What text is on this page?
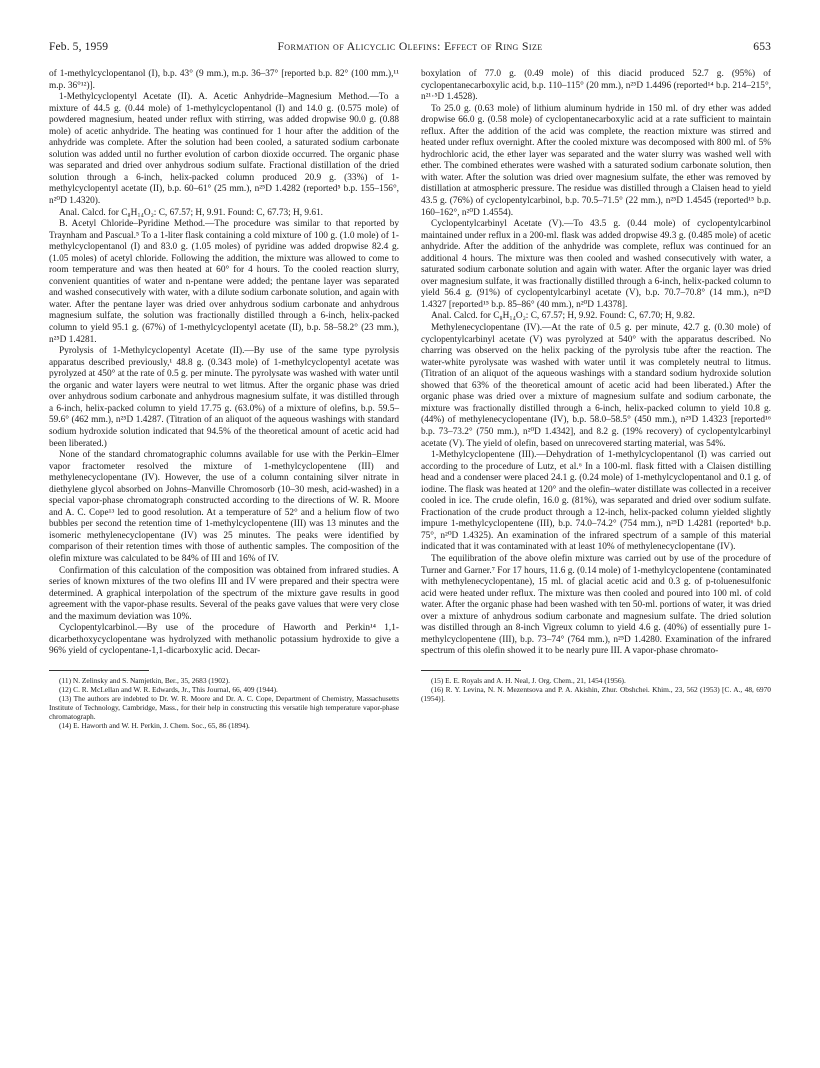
Feb. 5, 1959	Formation of Alicyclic Olefins: Effect of Ring Size	653

of 1-methylcyclopentanol (I), b.p. 43° (9 mm.), m.p. 36–37° [reported b.p. 82° (100 mm.),¹¹ m.p. 36°¹²)].

1-Methylcyclopentyl Acetate (II). A. Acetic Anhydride–Magnesium Method.—To a mixture of 44.5 g. (0.44 mole) of 1-methylcyclopentanol (I) and 14.0 g. (0.575 mole) of powdered magnesium, heated under reflux with stirring, was added dropwise 90.0 g. (0.88 mole) of acetic anhydride. The heating was continued for 1 hour after the addition of the anhydride was complete. After the solution had been cooled, a saturated sodium carbonate solution was added until no further evolution of carbon dioxide occurred. The organic phase was separated and dried over anhydrous sodium sulfate. Fractional distillation of the dried solution through a 6-inch, helix-packed column produced 20.9 g. (33%) of 1-methylcyclopentyl acetate (II), b.p. 60–61° (25 mm.), n²⁵D 1.4282 (reported⁵ b.p. 155–156°, n²⁰D 1.4320).

Anal. Calcd. for C₈H₁₄O₂: C, 67.57; H, 9.91. Found: C, 67.73; H, 9.61.

B. Acetyl Chloride–Pyridine Method.—The procedure was similar to that reported by Traynham and Pascual.⁵ To a 1-liter flask containing a cold mixture of 100 g. (1.0 mole) of 1-methylcyclopentanol (I) and 83.0 g. (1.05 moles) of pyridine was added dropwise 82.4 g. (1.05 moles) of acetyl chloride. Following the addition, the mixture was allowed to come to room temperature and was then heated at 60° for 4 hours. To the cooled reaction slurry, convenient quantities of water and n-pentane were added; the pentane layer was separated and washed consecutively with water, with a dilute sodium carbonate solution, and again with water. After the pentane layer was dried over anhydrous sodium carbonate and anhydrous magnesium sulfate, the solution was fractionally distilled through a 6-inch, helix-packed column to yield 95.1 g. (67%) of 1-methylcyclopentyl acetate (II), b.p. 58–58.2° (23 mm.), n²⁵D 1.4281.

Pyrolysis of 1-Methylcyclopentyl Acetate (II).—By use of the same type pyrolysis apparatus described previously,¹ 48.8 g. (0.343 mole) of 1-methylcyclopentyl acetate was pyrolyzed at 450° at the rate of 0.5 g. per minute. The pyrolysate was washed with water until the organic and water layers were neutral to wet litmus. After the organic phase was dried over anhydrous sodium carbonate and anhydrous magnesium sulfate, it was distilled through a 6-inch, helix-packed column to yield 17.75 g. (63.0%) of a mixture of olefins, b.p. 59.5–59.6° (462 mm.), n²⁵D 1.4287. (Titration of an aliquot of the aqueous washings with standard sodium hydroxide solution indicated that 94.5% of the theoretical amount of acetic acid had been liberated.)

None of the standard chromatographic columns available for use with the Perkin–Elmer vapor fractometer resolved the mixture of 1-methylcyclopentene (III) and methylenecyclopentane (IV). However, the use of a column containing silver nitrate in diethylene glycol absorbed on Johns–Manville Chromosorb (10–30 mesh, acid-washed) in a special vapor-phase chromatograph constructed according to the directions of W. R. Moore and A. C. Cope¹³ led to good resolution. At a temperature of 52° and a helium flow of two bubbles per second the retention time of 1-methylcyclopentene (III) was 13 minutes and the isomeric methylenecyclopentane (IV) was 25 minutes. The peaks were identified by comparison of their retention times with those of authentic samples. The composition of the olefin mixture was calculated to be 84% of III and 16% of IV.

Confirmation of this calculation of the composition was obtained from infrared studies. A series of known mixtures of the two olefins III and IV were prepared and their spectra were determined. A graphical interpolation of the spectrum of the mixture gave results in good agreement with the vapor-phase results. Several of the peaks gave values that were very close and the maximum deviation was 10%.

Cyclopentylcarbinol.—By use of the procedure of Haworth and Perkin¹⁴ 1,1-dicarbethoxycyclopentane was hydrolyzed with methanolic potassium hydroxide to give a 96% yield of cyclopentane-1,1-dicarboxylic acid. Decar-

(11) N. Zelinsky and S. Namjetkin, Ber., 35, 2683 (1902).

(12) C. R. McLellan and W. R. Edwards, Jr., This Journal, 66, 409 (1944).

(13) The authors are indebted to Dr. W. R. Moore and Dr. A. C. Cope, Department of Chemistry, Massachusetts Institute of Technology, Cambridge, Mass., for their help in constructing this versatile high temperature vapor-phase chromatograph.

(14) E. Haworth and W. H. Perkin, J. Chem. Soc., 65, 86 (1894).

boxylation of 77.0 g. (0.49 mole) of this diacid produced 52.7 g. (95%) of cyclopentanecarboxylic acid, b.p. 110–115° (20 mm.), n²⁵D 1.4496 (reported¹⁴ b.p. 214–215°, n²¹·⁵D 1.4528).

To 25.0 g. (0.63 mole) of lithium aluminum hydride in 150 ml. of dry ether was added dropwise 66.0 g. (0.58 mole) of cyclopentanecarboxylic acid at a rate sufficient to maintain reflux. After the addition of the acid was complete, the reaction mixture was stirred and heated under reflux overnight. After the cooled mixture was decomposed with 800 ml. of 5% hydrochloric acid, the ether layer was separated and the water slurry was washed well with ether. The combined etherates were washed with a saturated sodium carbonate solution, then with water. After the solution was dried over magnesium sulfate, the ether was removed by distillation at atmospheric pressure. The residue was distilled through a Claisen head to yield 43.5 g. (76%) of cyclopentylcarbinol, b.p. 70.5–71.5° (22 mm.), n²⁵D 1.4545 (reported¹⁵ b.p. 160–162°, n²⁰D 1.4554).

Cyclopentylcarbinyl Acetate (V).—To 43.5 g. (0.44 mole) of cyclopentylcarbinol maintained under reflux in a 200-ml. flask was added dropwise 49.3 g. (0.485 mole) of acetic anhydride. After the addition of the anhydride was complete, reflux was continued for an additional 4 hours. The mixture was then cooled and washed consecutively with water, a saturated sodium carbonate solution and again with water. After the organic layer was dried over magnesium sulfate, it was fractionally distilled through a 6-inch, helix-packed column to yield 56.4 g. (91%) of cyclopentylcarbinyl acetate (V), b.p. 70.7–70.8° (14 mm.), n²⁵D 1.4327 [reported¹⁵ b.p. 85–86° (40 mm.), n²⁰D 1.4378].

Anal. Calcd. for C₈H₁₄O₂: C, 67.57; H, 9.92. Found: C, 67.70; H, 9.82.

Methylenecyclopentane (IV).—At the rate of 0.5 g. per minute, 42.7 g. (0.30 mole) of cyclopentylcarbinyl acetate (V) was pyrolyzed at 540° with the apparatus described. No charring was observed on the helix packing of the pyrolysis tube after the reaction. The water-white pyrolysate was washed with water until it was completely neutral to litmus. (Titration of an aliquot of the aqueous washings with a standard sodium hydroxide solution showed that 63% of the theoretical amount of acetic acid had been liberated.) After the organic phase was dried over a mixture of magnesium sulfate and sodium carbonate, the mixture was fractionally distilled through a 6-inch, helix-packed column to yield 10.8 g. (44%) of methylenecyclopentane (IV), b.p. 58.0–58.5° (450 mm.), n²⁵D 1.4323 [reported¹⁶ b.p. 73–73.2° (750 mm.), n²⁰D 1.4342], and 8.2 g. (19% recovery) of cyclopentylcarbinyl acetate (V). The yield of olefin, based on unrecovered starting material, was 54%.

1-Methylcyclopentene (III).—Dehydration of 1-methylcyclopentanol (I) was carried out according to the procedure of Lutz, et al.⁶ In a 100-ml. flask fitted with a Claisen distilling head and a condenser were placed 24.1 g. (0.24 mole) of 1-methylcyclopentanol and 0.1 g. of iodine. The flask was heated at 120° and the olefin–water distillate was collected in a receiver cooled in ice. The crude olefin, 16.0 g. (81%), was separated and dried over sodium sulfate. Fractionation of the crude product through a 12-inch, helix-packed column yielded slightly impure 1-methylcyclopentene (III), b.p. 74.0–74.2° (754 mm.), n²⁵D 1.4281 (reported⁶ b.p. 75°, n²⁰D 1.4325). An examination of the infrared spectrum of a sample of this material indicated that it was contaminated with at least 10% of methylenecyclopentane (IV).

The equilibration of the above olefin mixture was carried out by use of the procedure of Turner and Garner.⁷ For 17 hours, 11.6 g. (0.14 mole) of 1-methylcyclopentene (contaminated with methylenecyclopentane), 15 ml. of glacial acetic acid and 0.3 g. of p-toluenesulfonic acid were heated under reflux. The mixture was then cooled and poured into 100 ml. of cold water. After the organic phase had been washed with ten 50-ml. portions of water, it was dried over a mixture of anhydrous sodium carbonate and magnesium sulfate. The dried solution was distilled through an 8-inch Vigreux column to yield 4.6 g. (40%) of essentially pure 1-methylcyclopentene (III), b.p. 73–74° (764 mm.), n²⁵D 1.4280. Examination of the infrared spectrum of this olefin showed it to be nearly pure III. A vapor-phase chromato-

(15) E. E. Royals and A. H. Neal, J. Org. Chem., 21, 1454 (1956).

(16) R. Y. Levina, N. N. Mezentsova and P. A. Akishin, Zhur. Obshchei. Khim., 23, 562 (1953) [C. A., 48, 6970 (1954)].
